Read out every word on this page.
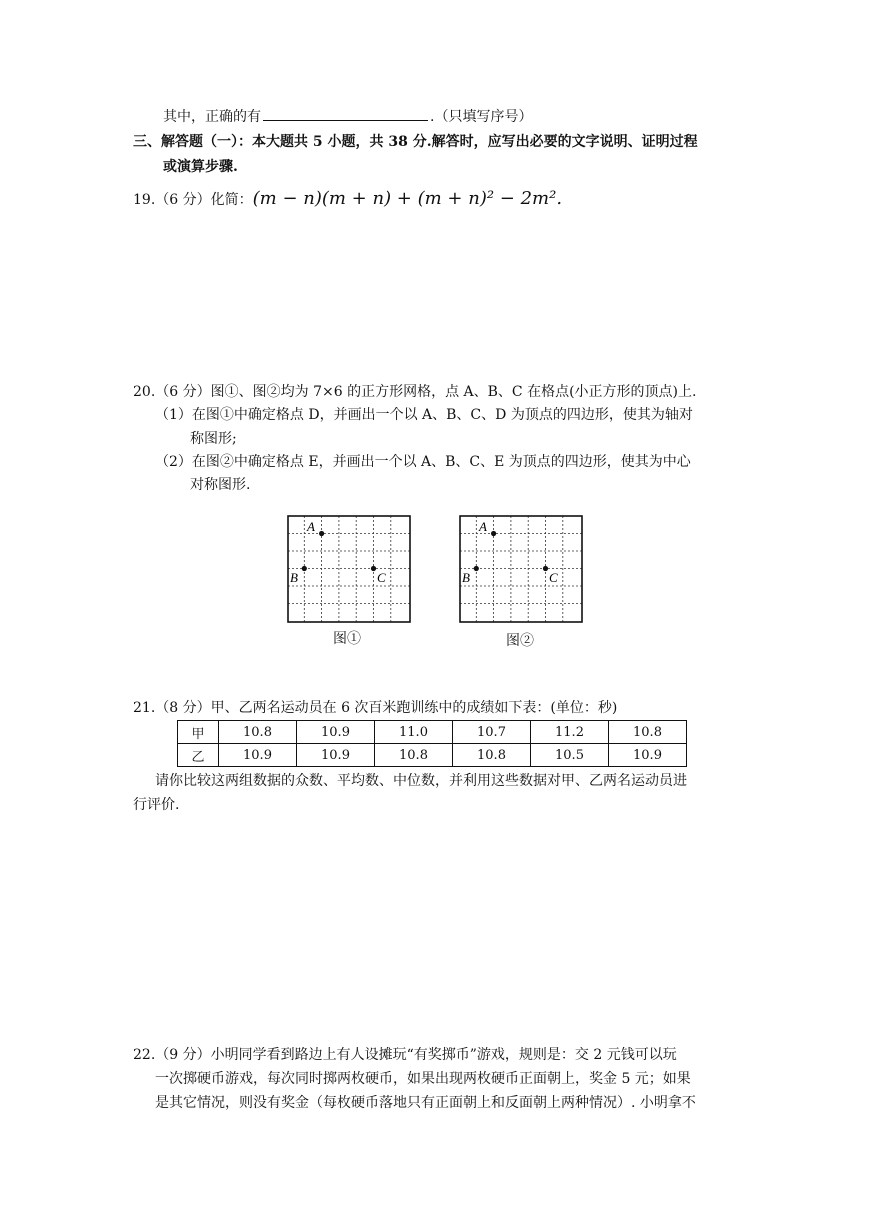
其中，正确的有	.（只填写序号）
三、解答题（一）：本大题共 5 小题，共 38 分.解答时，应写出必要的文字说明、证明过程
或演算步骤.
19.（6 分）化简：(m − n)(m + n) + (m + n)² − 2m².
20.（6 分）图①、图②均为 7×6 的正方形网格，点 A、B、C 在格点(小正方形的顶点)上.
（1）在图①中确定格点 D，并画出一个以 A、B、C、D 为顶点的四边形，使其为轴对
称图形;
（2）在图②中确定格点 E，并画出一个以 A、B、C、E 为顶点的四边形，使其为中心
对称图形.
A
B	C
图①
A
B	C
图②
21.（8 分）甲、乙两名运动员在 6 次百米跑训练中的成绩如下表：(单位：秒)
甲	10.8	10.9	11.0	10.7	11.2	10.8
乙	10.9	10.9	10.8	10.8	10.5	10.9
请你比较这两组数据的众数、平均数、中位数，并利用这些数据对甲、乙两名运动员进
行评价.
22.（9 分）小明同学看到路边上有人设摊玩“有奖掷币”游戏，规则是：交 2 元钱可以玩
一次掷硬币游戏，每次同时掷两枚硬币，如果出现两枚硬币正面朝上，奖金 5 元；如果
是其它情况，则没有奖金（每枚硬币落地只有正面朝上和反面朝上两种情况）. 小明拿不
